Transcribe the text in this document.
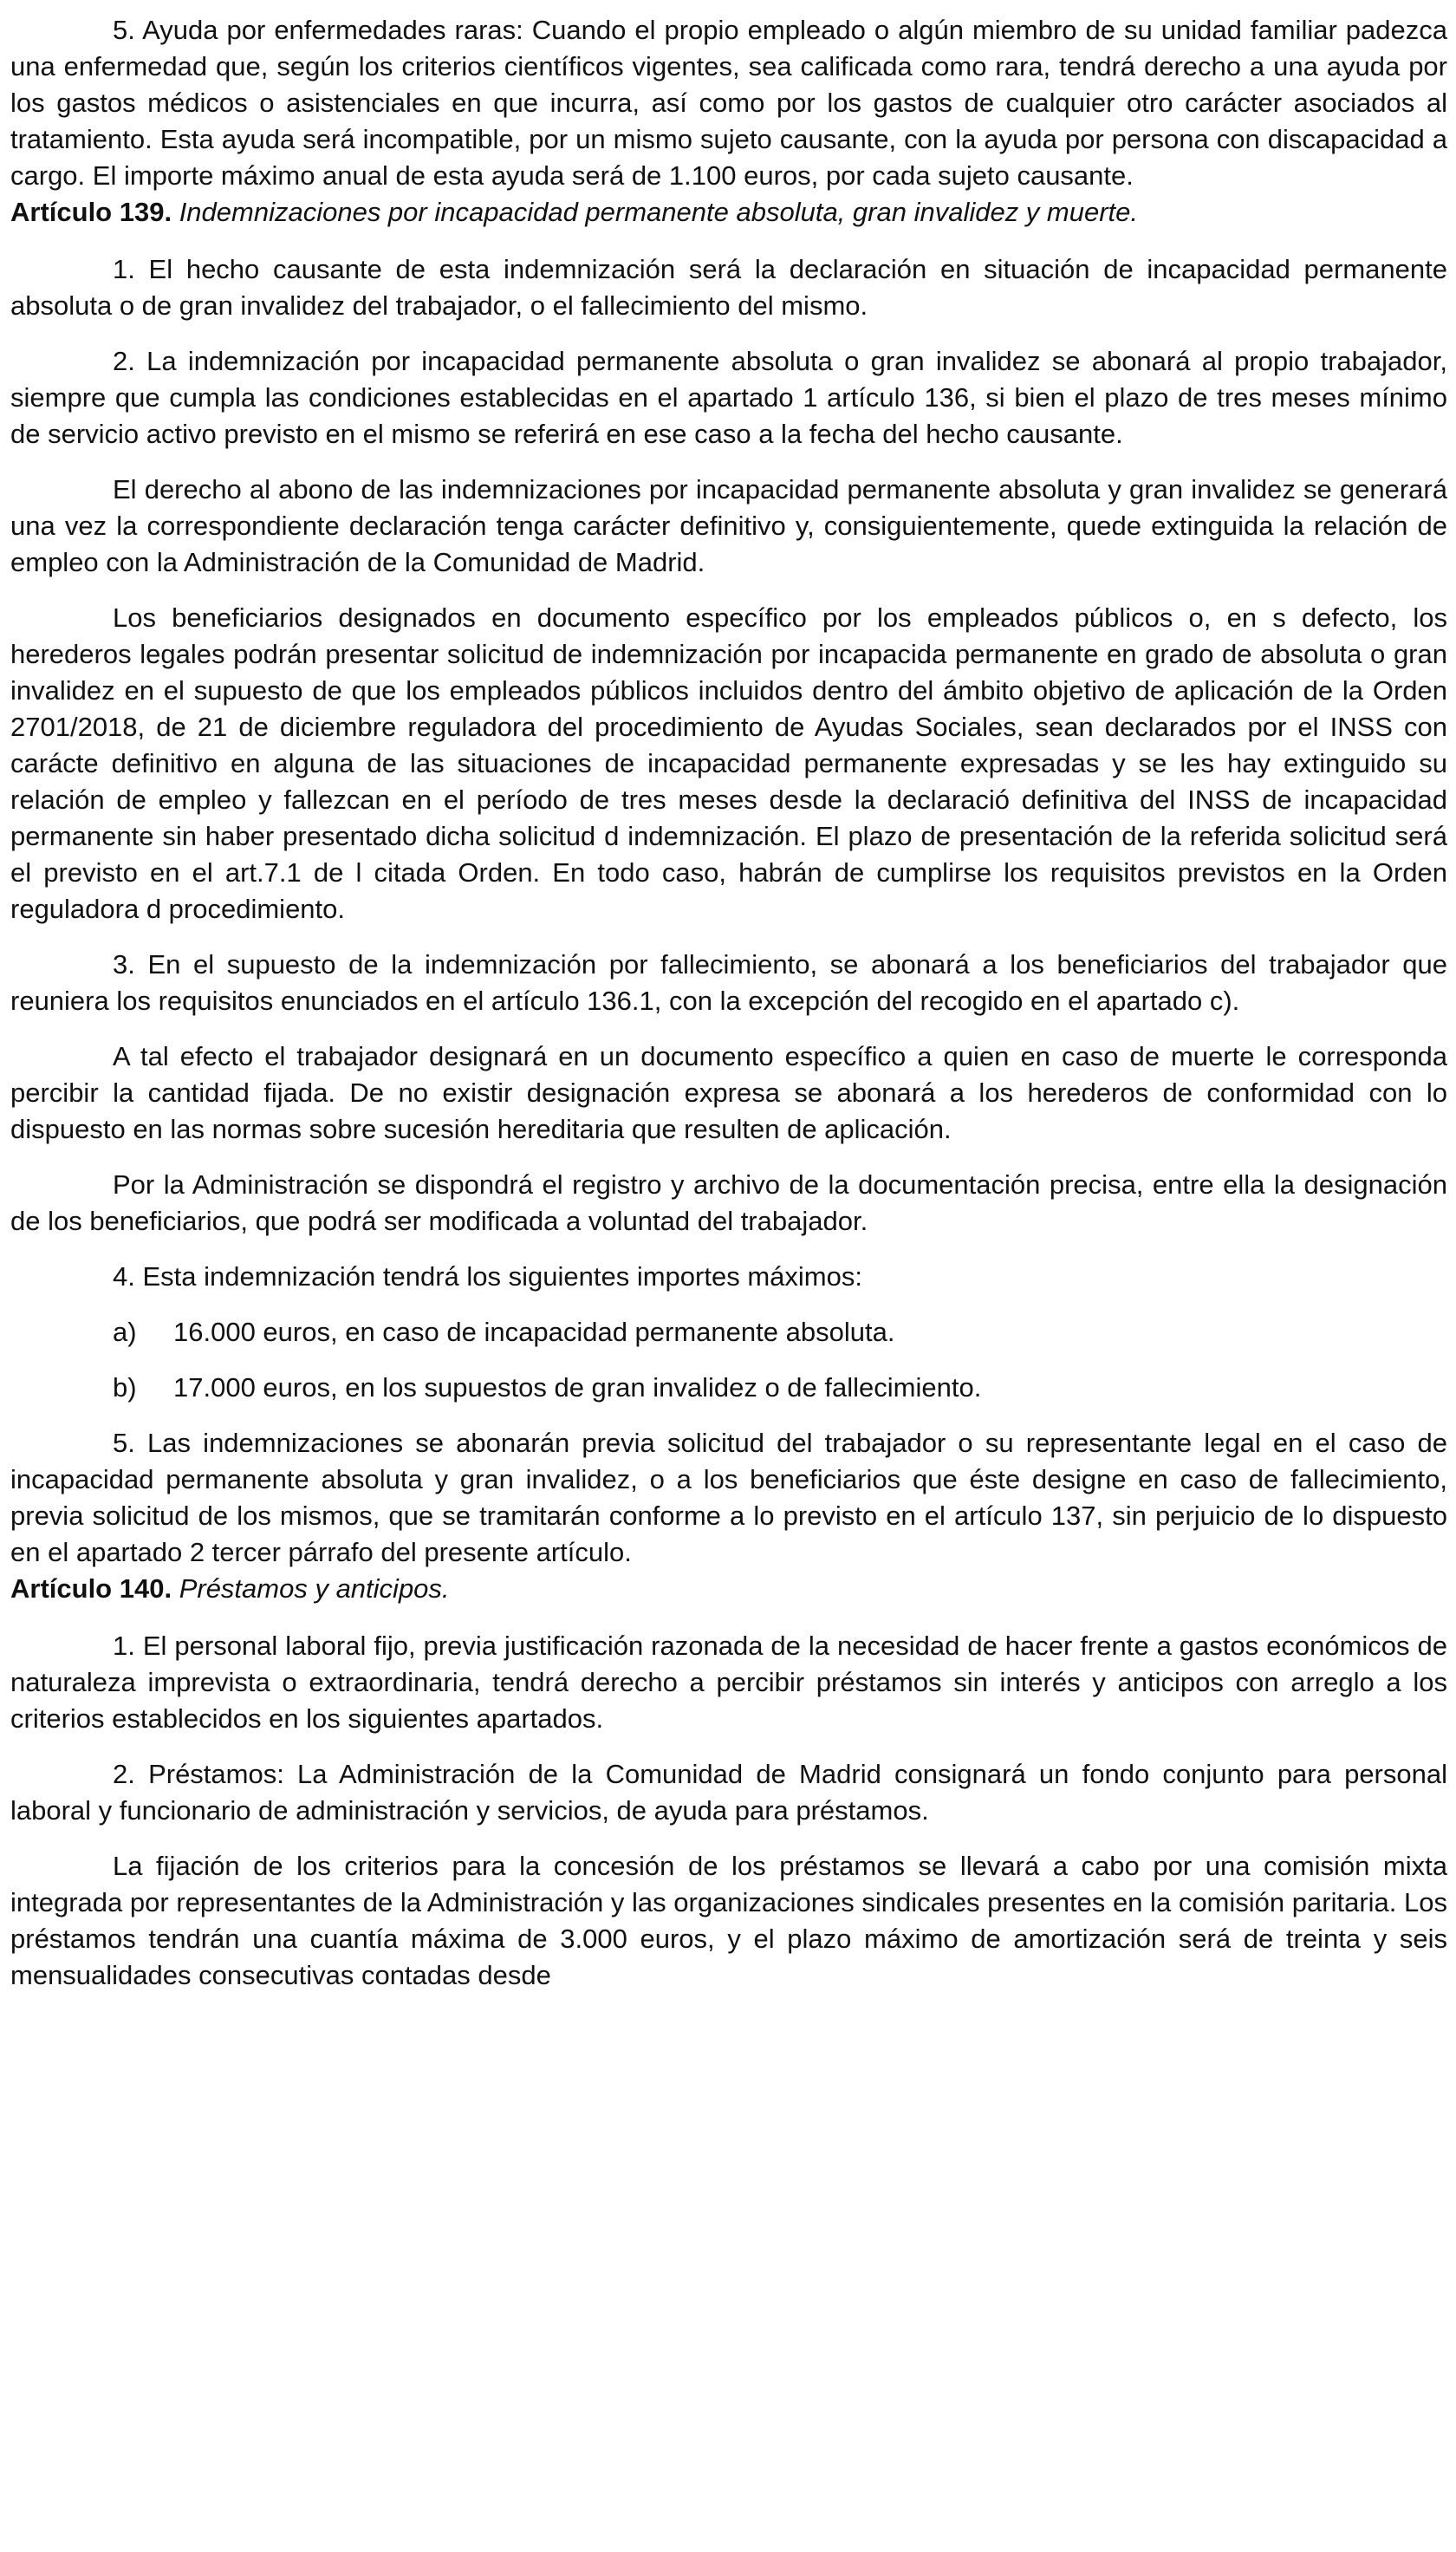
5. Ayuda por enfermedades raras: Cuando el propio empleado o algún miembro de su unidad familiar padezca una enfermedad que, según los criterios científicos vigentes, sea calificada como rara, tendrá derecho a una ayuda por los gastos médicos o asistenciales en que incurra, así como por los gastos de cualquier otro carácter asociados al tratamiento. Esta ayuda será incompatible, por un mismo sujeto causante, con la ayuda por persona con discapacidad a cargo. El importe máximo anual de esta ayuda será de 1.100 euros, por cada sujeto causante.

Artículo 139. Indemnizaciones por incapacidad permanente absoluta, gran invalidez y muerte.

1. El hecho causante de esta indemnización será la declaración en situación de incapacidad permanente absoluta o de gran invalidez del trabajador, o el fallecimiento del mismo.

2. La indemnización por incapacidad permanente absoluta o gran invalidez se abonará al propio trabajador, siempre que cumpla las condiciones establecidas en el apartado 1 artículo 136, si bien el plazo de tres meses mínimo de servicio activo previsto en el mismo se referirá en ese caso a la fecha del hecho causante.

El derecho al abono de las indemnizaciones por incapacidad permanente absoluta y gran invalidez se generará una vez la correspondiente declaración tenga carácter definitivo y, consiguientemente, quede extinguida la relación de empleo con la Administración de la Comunidad de Madrid.

Los beneficiarios designados en documento específico por los empleados públicos o, en s defecto, los herederos legales podrán presentar solicitud de indemnización por incapacida permanente en grado de absoluta o gran invalidez en el supuesto de que los empleados públicos incluidos dentro del ámbito objetivo de aplicación de la Orden 2701/2018, de 21 de diciembre reguladora del procedimiento de Ayudas Sociales, sean declarados por el INSS con caráctе definitivo en alguna de las situaciones de incapacidad permanente expresadas y se les hay extinguido su relación de empleo y fallezcan en el período de tres meses desde la declaració definitiva del INSS de incapacidad permanente sin haber presentado dicha solicitud d indemnización. El plazo de presentación de la referida solicitud será el previsto en el art.7.1 de l citada Orden. En todo caso, habrán de cumplirse los requisitos previstos en la Orden reguladora d procedimiento.

3. En el supuesto de la indemnización por fallecimiento, se abonará a los beneficiarios del trabajador que reuniera los requisitos enunciados en el artículo 136.1, con la excepción del recogido en el apartado c).

A tal efecto el trabajador designará en un documento específico a quien en caso de muerte le corresponda percibir la cantidad fijada. De no existir designación expresa se abonará a los herederos de conformidad con lo dispuesto en las normas sobre sucesión hereditaria que resulten de aplicación.

Por la Administración se dispondrá el registro y archivo de la documentación precisa, entre ella la designación de los beneficiarios, que podrá ser modificada a voluntad del trabajador.

4. Esta indemnización tendrá los siguientes importes máximos:

a)	16.000 euros, en caso de incapacidad permanente absoluta.

b)	17.000 euros, en los supuestos de gran invalidez o de fallecimiento.

5. Las indemnizaciones se abonarán previa solicitud del trabajador o su representante legal en el caso de incapacidad permanente absoluta y gran invalidez, o a los beneficiarios que éste designe en caso de fallecimiento, previa solicitud de los mismos, que se tramitarán conforme a lo previsto en el artículo 137, sin perjuicio de lo dispuesto en el apartado 2 tercer párrafo del presente artículo.

Artículo 140. Préstamos y anticipos.

1. El personal laboral fijo, previa justificación razonada de la necesidad de hacer frente a gastos económicos de naturaleza imprevista o extraordinaria, tendrá derecho a percibir préstamos sin interés y anticipos con arreglo a los criterios establecidos en los siguientes apartados.

2. Préstamos: La Administración de la Comunidad de Madrid consignará un fondo conjunto para personal laboral y funcionario de administración y servicios, de ayuda para préstamos.

La fijación de los criterios para la concesión de los préstamos se llevará a cabo por una comisión mixta integrada por representantes de la Administración y las organizaciones sindicales presentes en la comisión paritaria. Los préstamos tendrán una cuantía máxima de 3.000 euros, y el plazo máximo de amortización será de treinta y seis mensualidades consecutivas contadas desde
